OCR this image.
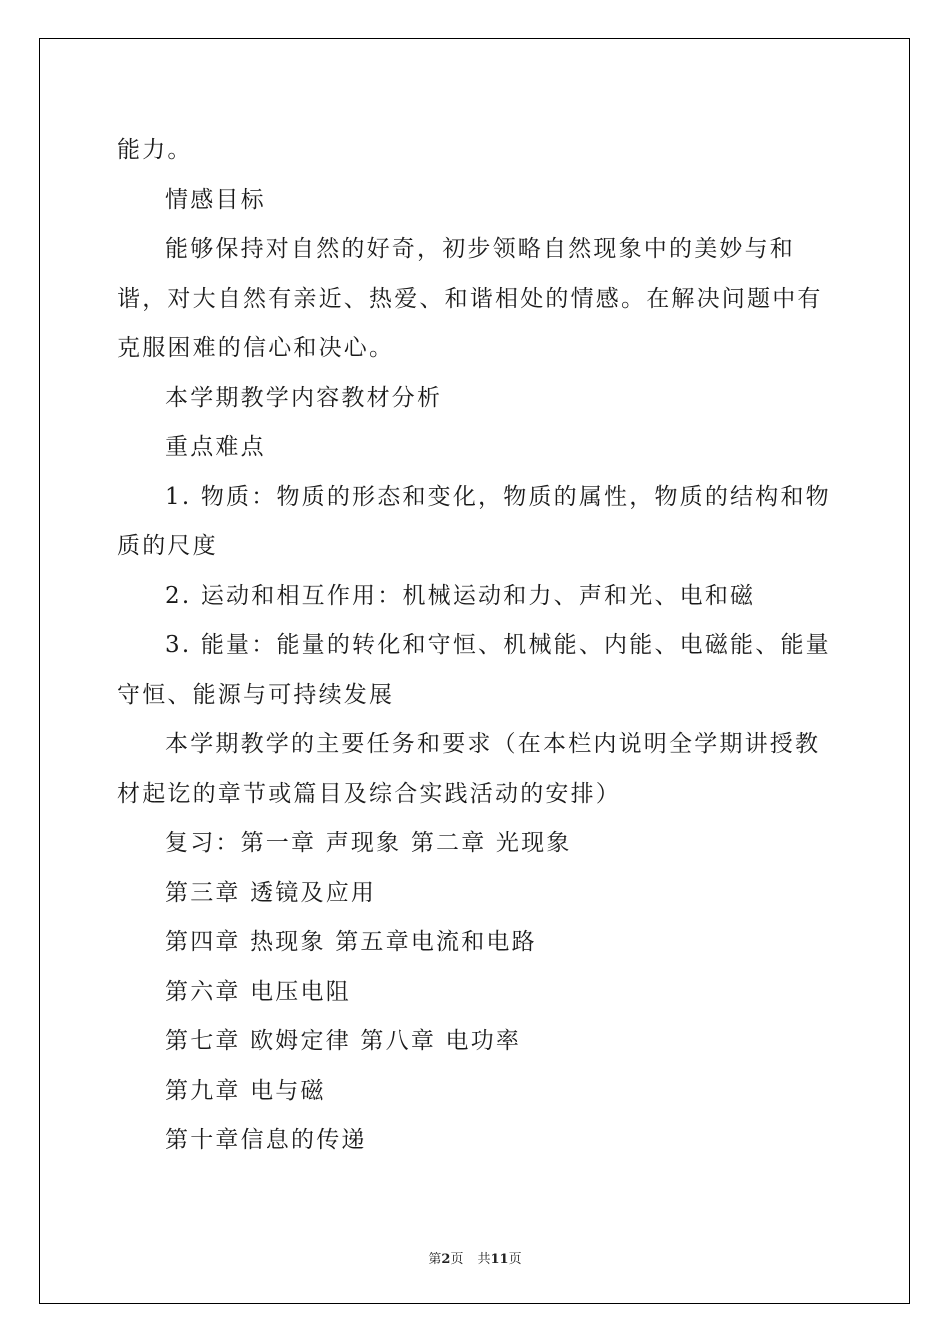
能力。

情感目标

能够保持对自然的好奇，初步领略自然现象中的美妙与和谐，对大自然有亲近、热爱、和谐相处的情感。在解决问题中有克服困难的信心和决心。

本学期教学内容教材分析

重点难点

1. 物质：物质的形态和变化，物质的属性，物质的结构和物质的尺度

2. 运动和相互作用：机械运动和力、声和光、电和磁

3. 能量：能量的转化和守恒、机械能、内能、电磁能、能量守恒、能源与可持续发展

本学期教学的主要任务和要求（在本栏内说明全学期讲授教材起讫的章节或篇目及综合实践活动的安排）

复习：第一章 声现象 第二章 光现象

第三章 透镜及应用

第四章 热现象 第五章电流和电路

第六章 电压电阻

第七章 欧姆定律 第八章 电功率

第九章 电与磁

第十章信息的传递

第2页 共11页
